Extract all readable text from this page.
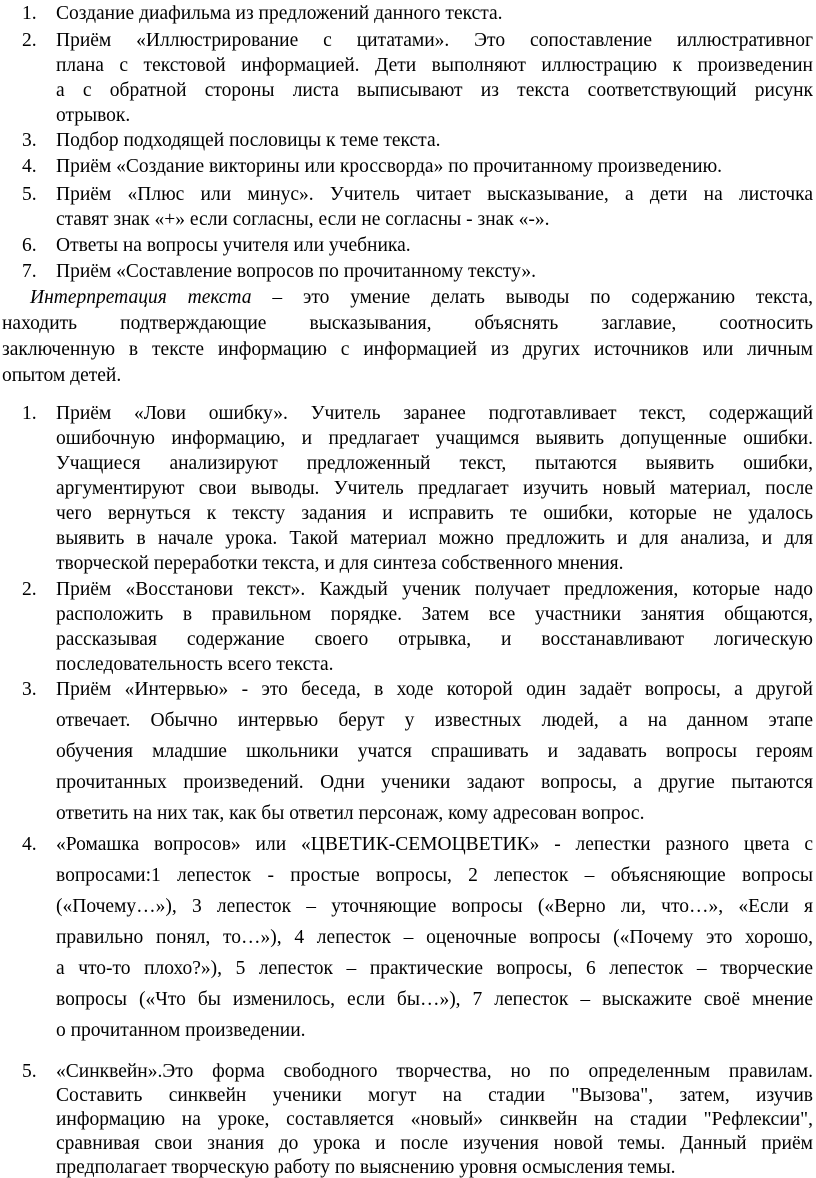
1. Создание диафильма из предложений данного текста.
2. Приём «Иллюстрирование с цитатами». Это сопоставление иллюстративног
плана с текстовой информацией. Дети выполняют иллюстрацию к произведенин
а с обратной стороны листа выписывают из текста соответствующий рисунк
отрывок.
3. Подбор подходящей пословицы к теме текста.
4. Приём «Создание викторины или кроссворда» по прочитанному произведению.
5. Приём «Плюс или минус». Учитель читает высказывание, а дети на листочка
ставят знак «+» если согласны, если не согласны - знак «-».
6. Ответы на вопросы учителя или учебника.
7. Приём «Составление вопросов по прочитанному тексту».
Интерпретация текста – это умение делать выводы по содержанию текста,
находить подтверждающие высказывания, объяснять заглавие, соотносить
заключенную в тексте информацию с информацией из других источников или личным
опытом детей.
1. Приём «Лови ошибку». Учитель заранее подготавливает текст, содержащий
ошибочную информацию, и предлагает учащимся выявить допущенные ошибки.
Учащиеся анализируют предложенный текст, пытаются выявить ошибки,
аргументируют свои выводы. Учитель предлагает изучить новый материал, после
чего вернуться к тексту задания и исправить те ошибки, которые не удалось
выявить в начале урока. Такой материал можно предложить и для анализа, и для
творческой переработки текста, и для синтеза собственного мнения.
2. Приём «Восстанови текст». Каждый ученик получает предложения, которые надо
расположить в правильном порядке. Затем все участники занятия общаются,
рассказывая содержание своего отрывка, и восстанавливают логическую
последовательность всего текста.
3. Приём «Интервью» - это беседа, в ходе которой один задаёт вопросы, а другой
отвечает. Обычно интервью берут у известных людей, а на данном этапе
обучения младшие школьники учатся спрашивать и задавать вопросы героям
прочитанных произведений. Одни ученики задают вопросы, а другие пытаются
ответить на них так, как бы ответил персонаж, кому адресован вопрос.
4. «Ромашка вопросов» или «ЦВЕТИК-СЕМОЦВЕТИК» - лепестки разного цвета с
вопросами:1 лепесток - простые вопросы, 2 лепесток – объясняющие вопросы
(«Почему…»), 3 лепесток – уточняющие вопросы («Верно ли, что…», «Если я
правильно понял, то…»), 4 лепесток – оценочные вопросы («Почему это хорошо,
а что-то плохо?»), 5 лепесток – практические вопросы, 6 лепесток – творческие
вопросы («Что бы изменилось, если бы…»), 7 лепесток – выскажите своё мнение
о прочитанном произведении.
5. «Синквейн».Это форма свободного творчества, но по определенным правилам.
Составить синквейн ученики могут на стадии "Вызова", затем, изучив
информацию на уроке, составляется «новый» синквейн на стадии "Рефлексии",
сравнивая свои знания до урока и после изучения новой темы. Данный приём
предполагает творческую работу по выяснению уровня осмысления темы.
